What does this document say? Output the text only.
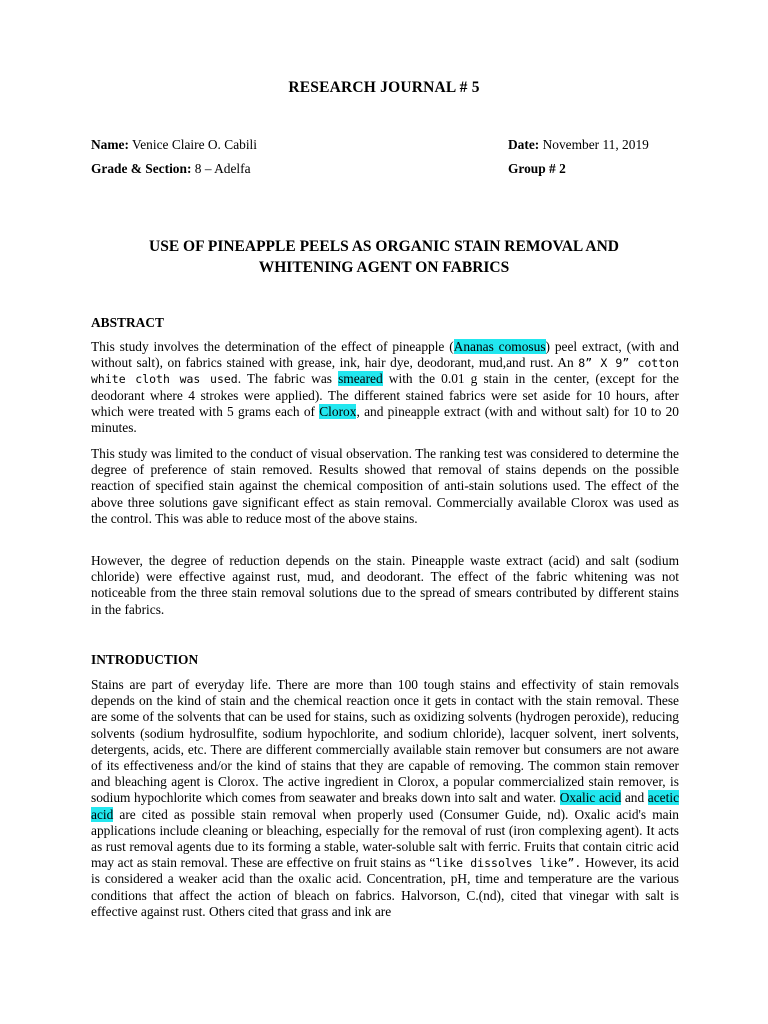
RESEARCH JOURNAL # 5
Name: Venice Claire O. Cabili	Date: November 11, 2019
Grade & Section: 8 – Adelfa	Group # 2
USE OF PINEAPPLE PEELS AS ORGANIC STAIN REMOVAL AND
WHITENING AGENT ON FABRICS
ABSTRACT

This study involves the determination of the effect of pineapple (Ananas comosus) peel extract, (with and without salt), on fabrics stained with grease, ink, hair dye, deodorant, mud,and rust. An 8” X 9” cotton white cloth was used. The fabric was smeared with the 0.01 g stain in the center, (except for the deodorant where 4 strokes were applied). The different stained fabrics were set aside for 10 hours, after which were treated with 5 grams each of Clorox, and pineapple extract (with and without salt) for 10 to 20 minutes.

This study was limited to the conduct of visual observation. The ranking test was considered to determine the degree of preference of stain removed. Results showed that removal of stains depends on the possible reaction of specified stain against the chemical composition of anti-stain solutions used. The effect of the above three solutions gave significant effect as stain removal. Commercially available Clorox was used as the control. This was able to reduce most of the above stains.

However, the degree of reduction depends on the stain. Pineapple waste extract (acid) and salt (sodium chloride) were effective against rust, mud, and deodorant. The effect of the fabric whitening was not noticeable from the three stain removal solutions due to the spread of smears contributed by different stains in the fabrics.

INTRODUCTION

Stains are part of everyday life. There are more than 100 tough stains and effectivity of stain removals depends on the kind of stain and the chemical reaction once it gets in contact with the stain removal. These are some of the solvents that can be used for stains, such as oxidizing solvents (hydrogen peroxide), reducing solvents (sodium hydrosulfite, sodium hypochlorite, and sodium chloride), lacquer solvent, inert solvents, detergents, acids, etc. There are different commercially available stain remover but consumers are not aware of its effectiveness and/or the kind of stains that they are capable of removing. The common stain remover and bleaching agent is Clorox. The active ingredient in Clorox, a popular commercialized stain remover, is sodium hypochlorite which comes from seawater and breaks down into salt and water. Oxalic acid and acetic acid are cited as possible stain removal when properly used (Consumer Guide, nd). Oxalic acid's main applications include cleaning or bleaching, especially for the removal of rust (iron complexing agent). It acts as rust removal agents due to its forming a stable, water-soluble salt with ferric. Fruits that contain citric acid may act as stain removal. These are effective on fruit stains as “like dissolves like”. However, its acid is considered a weaker acid than the oxalic acid. Concentration, pH, time and temperature are the various conditions that affect the action of bleach on fabrics. Halvorson, C.(nd), cited that vinegar with salt is effective against rust. Others cited that grass and ink are
